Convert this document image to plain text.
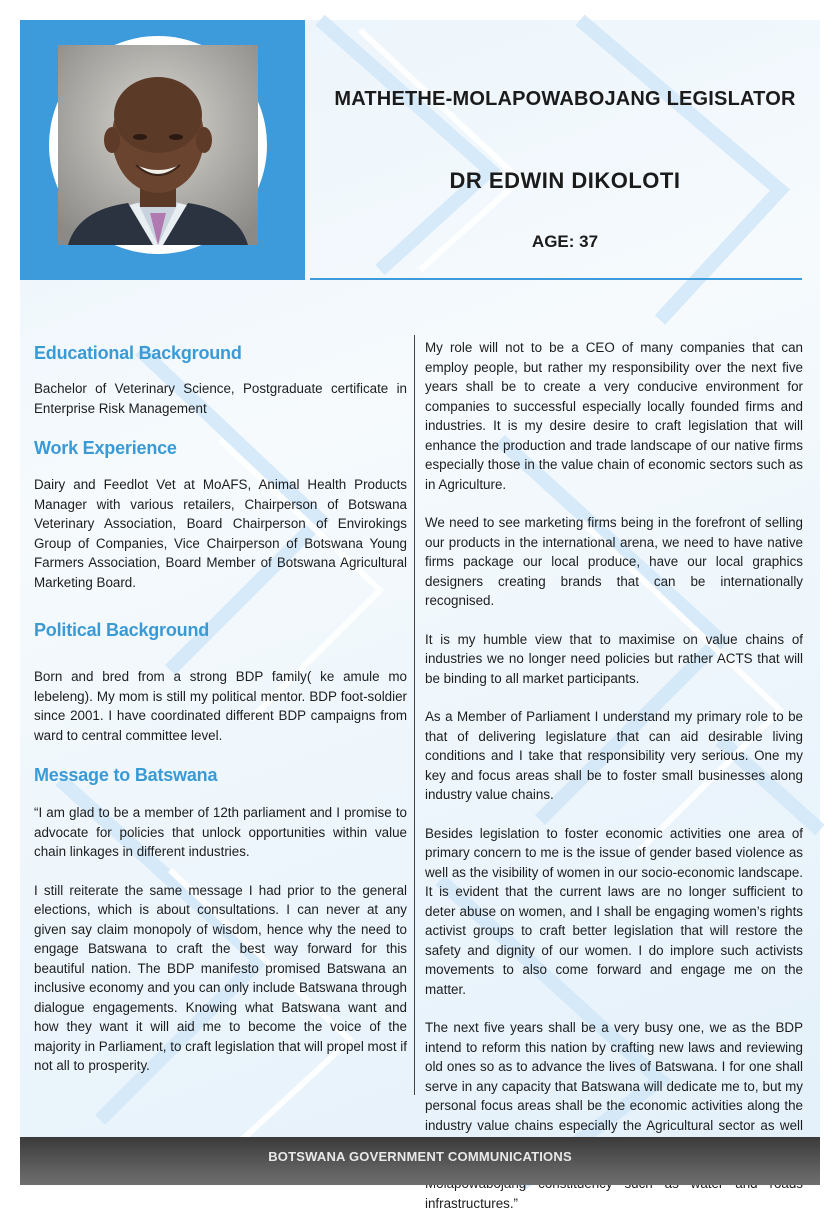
MATHETHE-MOLAPOWABOJANG LEGISLATOR
DR EDWIN DIKOLOTI
AGE: 37
Educational Background

Bachelor of Veterinary Science, Postgraduate certificate in Enterprise Risk Management

Work Experience

Dairy and Feedlot Vet at MoAFS, Animal Health Products Manager with various retailers, Chairperson of Botswana Veterinary Association, Board Chairperson of Envirokings Group of Companies, Vice Chairperson of Botswana Young Farmers Association, Board Member of Botswana Agricultural Marketing Board.

Political Background

Born and bred from a strong BDP family( ke amule mo lebeleng). My mom is still my political mentor. BDP foot-soldier since 2001. I have coordinated different BDP campaigns from ward to central committee level.

Message to Batswana

“I am glad to be a member of 12th parliament and I promise to advocate for policies that unlock opportunities within value chain linkages in different industries.

I still reiterate the same message I had prior to the general elections, which is about consultations. I can never at any given say claim monopoly of wisdom, hence why the need to engage Batswana to craft the best way forward for this beautiful nation. The BDP manifesto promised Batswana an inclusive economy and you can only include Batswana through dialogue engagements. Knowing what Batswana want and how they want it will aid me to become the voice of the majority in Parliament, to craft legislation that will propel most if not all to prosperity.

My role will not to be a CEO of many companies that can employ people, but rather my responsibility over the next five years shall be to create a very conducive environment for companies to successful especially locally founded firms and industries. It is my desire desire to craft legislation that will enhance the production and trade landscape of our native firms especially those in the value chain of economic sectors such as in Agriculture.

We need to see marketing firms being in the forefront of selling our products in the international arena, we need to have native firms package our local produce, have our local graphics designers creating brands that can be internationally recognised.

It is my humble view that to maximise on value chains of industries we no longer need policies but rather ACTS that will be binding to all market participants.

As a Member of Parliament I understand my primary role to be that of delivering legislature that can aid desirable living conditions and I take that responsibility very serious. One my key and focus areas shall be to foster small businesses along industry value chains.

Besides legislation to foster economic activities one area of primary concern to me is the issue of gender based violence as well as the visibility of women in our socio-economic landscape. It is evident that the current laws are no longer sufficient to deter abuse on women, and I shall be engaging women’s rights activist groups to craft better legislation that will restore the safety and dignity of our women. I do implore such activists movements to also come forward and engage me on the matter.

The next five years shall be a very busy one, we as the BDP intend to reform this nation by crafting new laws and reviewing old ones so as to advance the lives of Batswana. I for one shall serve in any capacity that Batswana will dedicate me to, but my personal focus areas shall be the economic activities along the industry value chains especially the Agricultural sector as well infrastructures.”

BOTSWANA GOVERNMENT COMMUNICATIONS
